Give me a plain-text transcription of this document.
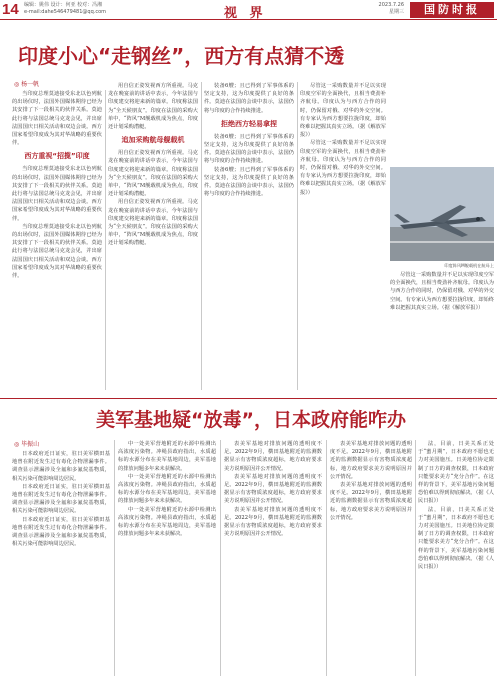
14 编辑：姚伟 设计：何亚 校对：冯湘
e-mail:dahe546479481@qq.com	视 界
2023.7.26
星期三	国防时报
印度小心“走钢丝”，西方有点猜不透
◎ 杨一帆

当印度总理莫迪接受东北以色列航的出场仪时，法国外国媒体期待已经为其安排了下一段相关的伙伴关系。莫迪此行将与法国总统马克龙会见，并出席法国国庆日相关活动和双边会谈。西方国家希望印度成为其对华战略的重要伙伴。

西方重视“招揽”印度

当印度总理莫迪接受东北以色列航的出场仪时，法国外国媒体期待已经为其安排了下一段相关的伙伴关系。莫迪此行将与法国总统马克龙会见，并出席法国国庆日相关活动和双边会谈。西方国家希望印度成为其对华战略的重要伙伴。

当印度总理莫迪接受东北以色列航的出场仪时，法国外国媒体期待已经为其安排了下一段相关的伙伴关系。莫迪此行将与法国总统马克龙会见，并出席法国国庆日相关活动和双边会谈。西方国家希望印度成为其对华战略的重要伙伴。

用自信正姿发视西方所重视。马克龙在晚宴前的讲话中表示，今年法国与印度建交将迎来新的篇章。印度称法国为“全天候朋友”。印度在法国的采购大单中，“阵风”M舰载机成为焦点，印度还计划采购潜艇。

追加采购航母舰载机

用自信正姿发视西方所重视。马克龙在晚宴前的讲话中表示，今年法国与印度建交将迎来新的篇章。印度称法国为“全天候朋友”。印度在法国的采购大单中，“阵风”M舰载机成为焦点，印度还计划采购潜艇。

用自信正姿发视西方所重视。马克龙在晚宴前的讲话中表示，今年法国与印度建交将迎来新的篇章。印度称法国为“全天候朋友”。印度在法国的采购大单中，“阵风”M舰载机成为焦点，印度还计划采购潜艇。

装备6艘；且已得到了军事体系的坚定支持，这为印度提供了良好的条件。莫迪在法国的会谈中表示，法国仍将与印度的合作持续推进。

拒绝西方轻易拿捏

装备6艘；且已得到了军事体系的坚定支持，这为印度提供了良好的条件。莫迪在法国的会谈中表示，法国仍将与印度的合作持续推进。

装备6艘；且已得到了军事体系的坚定支持，这为印度提供了良好的条件。莫迪在法国的会谈中表示，法国仍将与印度的合作持续推进。

尽管这一采购数量并不足以实现印度空军的全面换代，且相当费劲补齐航母。印度认为与西方合作的同时，仍保留对俄、对华的外交空间。有专家认为西方想要拉拢印度，却始终难以把握其真实立场。（据《解放军报》）

尽管这一采购数量并不足以实现印度空军的全面换代，且相当费劲补齐航母。印度认为与西方合作的同时，仍保留对俄、对华的外交空间。有专家认为西方想要拉拢印度，却始终难以把握其真实立场。（据《解放军报》）

印度阵风M舰载机在航母上

尽管这一采购数量并不足以实现印度空军的全面换代，且相当费劲补齐航母。印度认为与西方合作的同时，仍保留对俄、对华的外交空间。有专家认为西方想要拉拢印度，却始终难以把握其真实立场。（据《解放军报》）

美军基地疑“放毒”，日本政府能咋办
◎ 毕振山

日本政府近日证实，驻日美军横田基地曾在附近发生过有毒化合物泄漏事件。调查显示泄漏涉及全氟和多氟烷基物质，相关污染可能影响周边居民。

日本政府近日证实，驻日美军横田基地曾在附近发生过有毒化合物泄漏事件。调查显示泄漏涉及全氟和多氟烷基物质，相关污染可能影响周边居民。

日本政府近日证实，驻日美军横田基地曾在附近发生过有毒化合物泄漏事件。调查显示泄漏涉及全氟和多氟烷基物质，相关污染可能影响周边居民。

中一处美军营地附近的水源中检测出高浓度污染物。冲绳县政府指出，水质超标的水源分布在美军基地周边，美军基地的排放问题多年来未获解决。

中一处美军营地附近的水源中检测出高浓度污染物。冲绳县政府指出，水质超标的水源分布在美军基地周边，美军基地的排放问题多年来未获解决。

中一处美军营地附近的水源中检测出高浓度污染物。冲绳县政府指出，水质超标的水源分布在美军基地周边，美军基地的排放问题多年来未获解决。

表美军基地对排放问题的透明度不足。2022年9月，横田基地附近的监测数据显示有害物质浓度超标，地方政府要求美方说明原因并公开情况。

表美军基地对排放问题的透明度不足。2022年9月，横田基地附近的监测数据显示有害物质浓度超标，地方政府要求美方说明原因并公开情况。

表美军基地对排放问题的透明度不足。2022年9月，横田基地附近的监测数据显示有害物质浓度超标，地方政府要求美方说明原因并公开情况。

表美军基地对排放问题的透明度不足。2022年9月，横田基地附近的监测数据显示有害物质浓度超标，地方政府要求美方说明原因并公开情况。

表美军基地对排放问题的透明度不足。2022年9月，横田基地附近的监测数据显示有害物质浓度超标，地方政府要求美方说明原因并公开情况。

法，目前，日美关系正处于“蜜月期”，日本政府不愿也无力对美国施压。日美地位协定限制了日方的调查权限，日本政府只能要求美方“充分合作”。在这样的背景下，美军基地污染问题恐怕难以得到彻底解决。（据《人民日报》）

法，目前，日美关系正处于“蜜月期”，日本政府不愿也无力对美国施压。日美地位协定限制了日方的调查权限，日本政府只能要求美方“充分合作”。在这样的背景下，美军基地污染问题恐怕难以得到彻底解决。（据《人民日报》）
